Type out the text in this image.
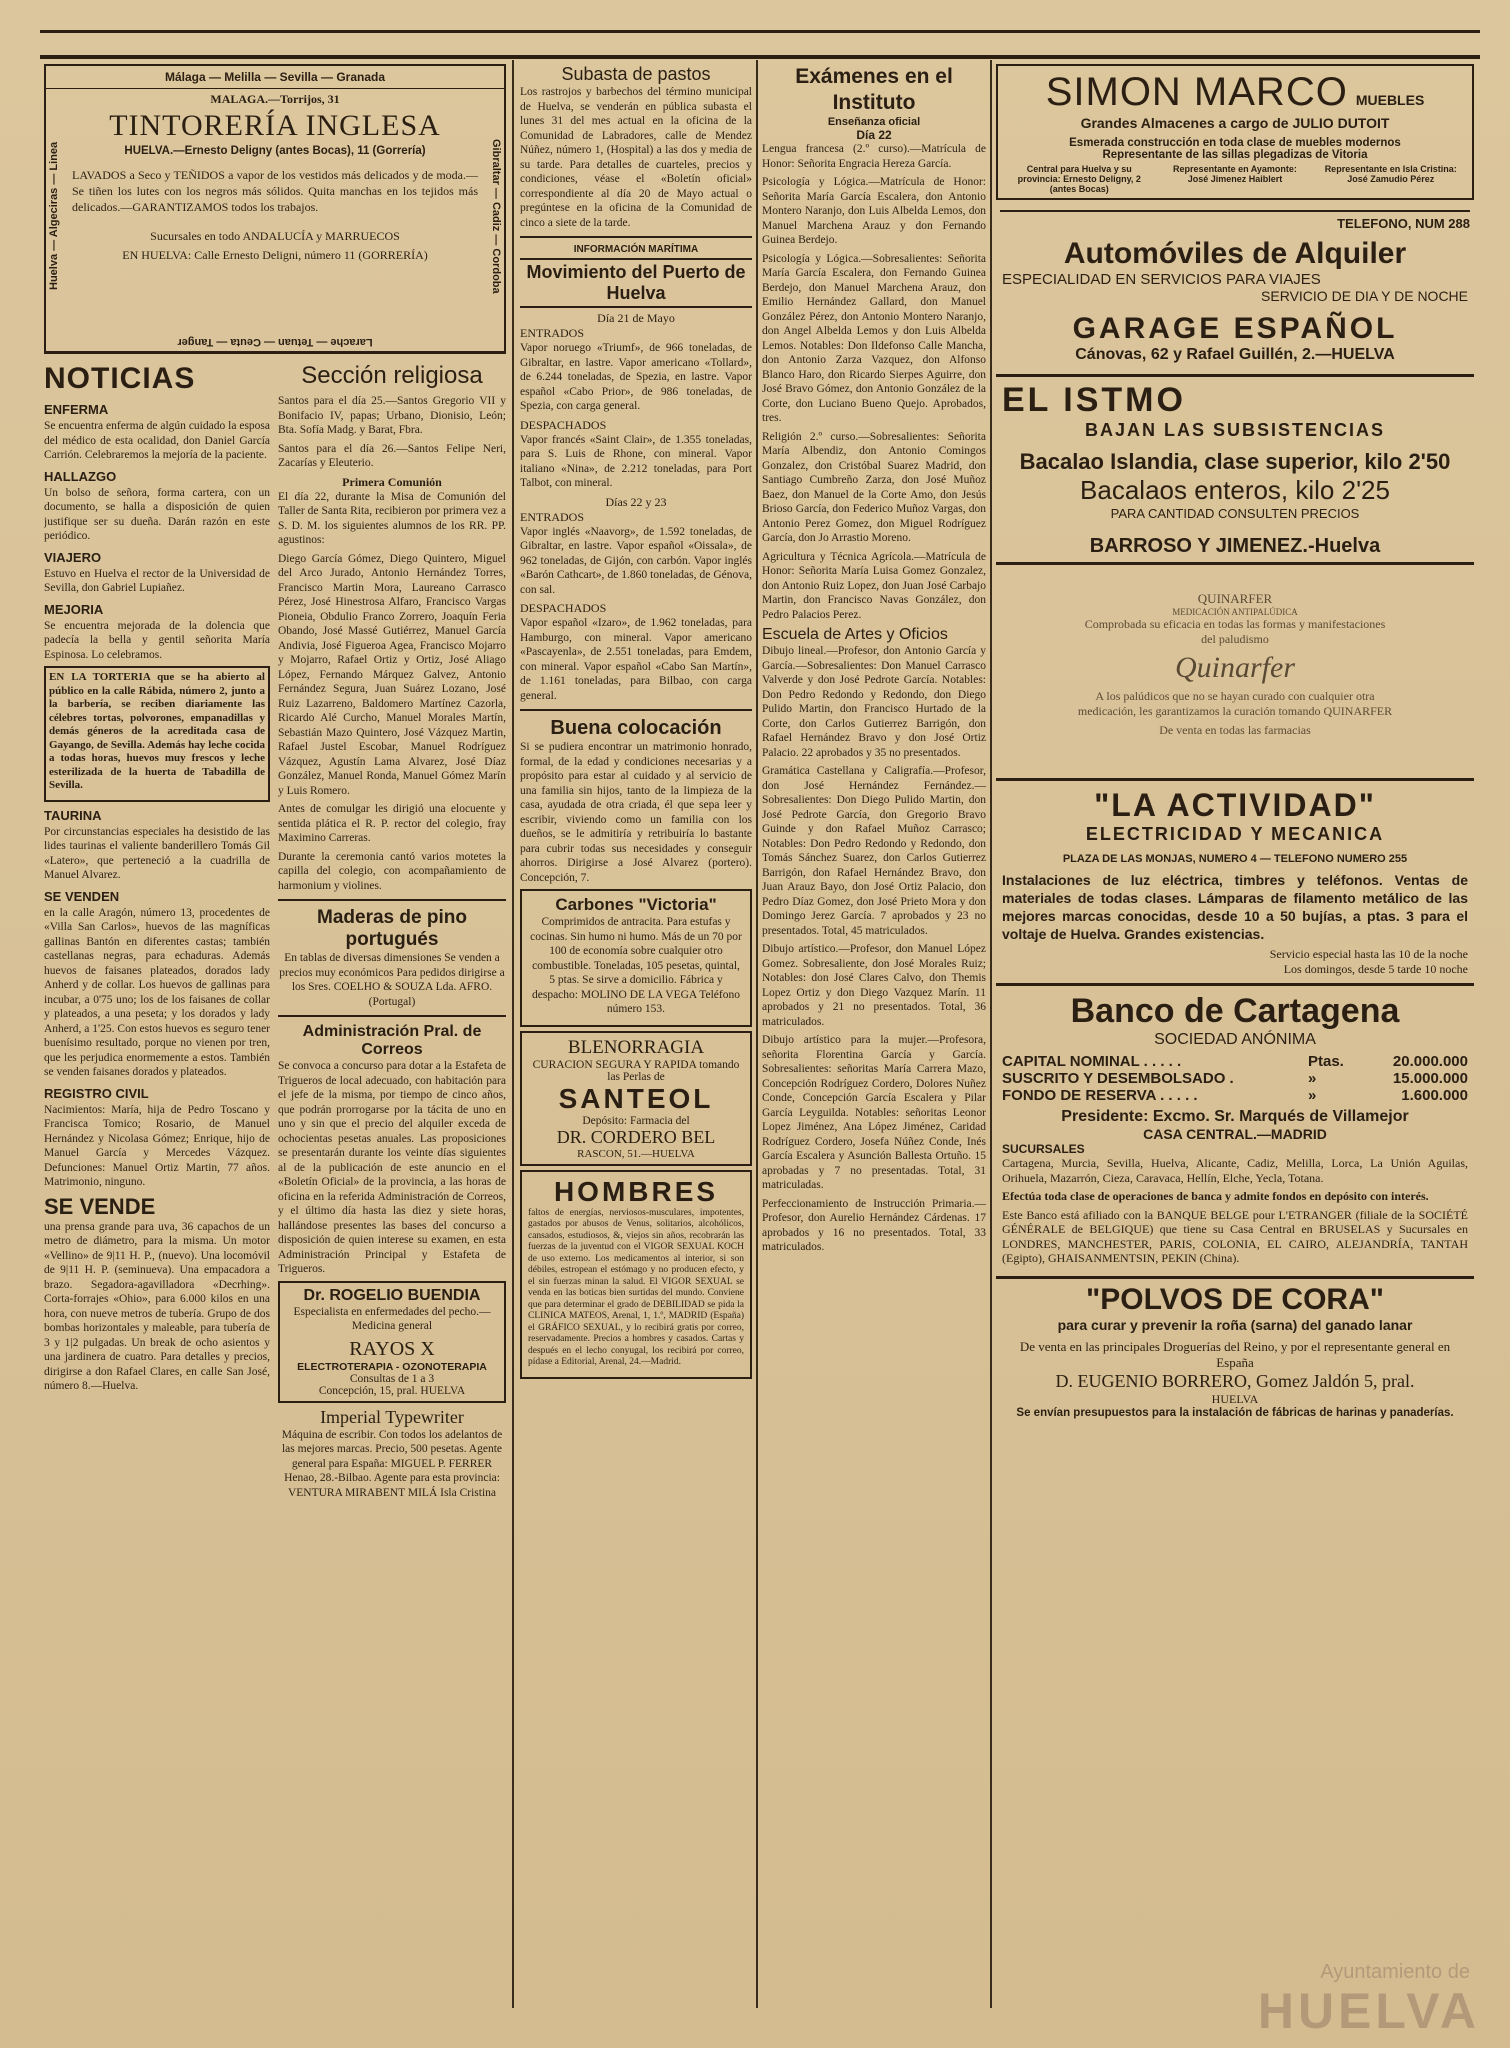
Málaga — Melilla — Sevilla — Granada
Huelva — Algeciras — Linea	Gibraltar — Cadiz — Cordoba
MALAGA.—Torrijos, 31
TINTORERÍA INGLESA
HUELVA.—Ernesto Deligny (antes Bocas), 11 (Gorrería)

LAVADOS a Seco y TEÑIDOS a vapor de los vestidos más delicados y de moda.—Se tiñen los lutes con los negros más sólidos. Quita manchas en los tejidos más delicados.—GARANTIZAMOS todos los trabajos.

Sucursales en todo ANDALUCÍA y MARRUECOS
EN HUELVA: Calle Ernesto Deligni, número 11 (GORRERÍA)
Larache — Tetuan — Ceuta — Tanger
NOTICIAS
ENFERMA

Se encuentra enferma de algún cuidado la esposa del médico de esta ocalidad, don Daniel García Carrión. Celebraremos la mejoría de la paciente.

HALLAZGO

Un bolso de señora, forma cartera, con un documento, se halla a disposición de quien justifique ser su dueña. Darán razón en este periódico.

VIAJERO

Estuvo en Huelva el rector de la Universidad de Sevilla, don Gabriel Lupiañez.

MEJORIA

Se encuentra mejorada de la dolencia que padecía la bella y gentil señorita María Espinosa. Lo celebramos.

EN LA TORTERIA que se ha abierto al público en la calle Rábida, número 2, junto a la barbería, se reciben diariamente las célebres tortas, polvorones, empanadillas y demás géneros de la acreditada casa de Gayango, de Sevilla. Además hay leche cocida a todas horas, huevos muy frescos y leche esterilizada de la huerta de Tabadilla de Sevilla.

TAURINA

Por circunstancias especiales ha desistido de las lides taurinas el valiente banderillero Tomás Gil «Latero», que perteneció a la cuadrilla de Manuel Alvarez.

SE VENDEN

en la calle Aragón, número 13, procedentes de «Villa San Carlos», huevos de las magníficas gallinas Bantón en diferentes castas; también castellanas negras, para echaduras. Además huevos de faisanes plateados, dorados lady Anherd y de collar. Los huevos de gallinas para incubar, a 0'75 uno; los de los faisanes de collar y plateados, a una peseta; y los dorados y lady Anherd, a 1'25. Con estos huevos es seguro tener buenísimo resultado, porque no vienen por tren, que les perjudica enormemente a estos. También se venden faisanes dorados y plateados.

REGISTRO CIVIL

Nacimientos: María, hija de Pedro Toscano y Francisca Tomico; Rosario, de Manuel Hernández y Nicolasa Gómez; Enrique, hijo de Manuel García y Mercedes Vázquez. Defunciones: Manuel Ortiz Martin, 77 años. Matrimonio, ninguno.

SE VENDE

una prensa grande para uva, 36 capachos de un metro de diámetro, para la misma. Un motor «Vellino» de 9|11 H. P., (nuevo). Una locomóvil de 9|11 H. P. (seminueva). Una empacadora a brazo. Segadora-agavilladora «Decrhing». Corta-forrajes «Ohio», para 6.000 kilos en una hora, con nueve metros de tubería. Grupo de dos bombas horizontales y maleable, para tubería de 3 y 1|2 pulgadas. Un break de ocho asientos y una jardinera de cuatro. Para detalles y precios, dirigirse a don Rafael Clares, en calle San José, número 8.—Huelva.

Sección religiosa

Santos para el día 25.—Santos Gregorio VII y Bonifacio IV, papas; Urbano, Dionisio, León; Bta. Sofía Madg. y Barat, Fbra.

Santos para el día 26.—Santos Felipe Neri, Zacarías y Eleuterio.

Primera Comunión

El día 22, durante la Misa de Comunión del Taller de Santa Rita, recibieron por primera vez a S. D. M. los siguientes alumnos de los RR. PP. agustinos:

Diego García Gómez, Diego Quintero, Miguel del Arco Jurado, Antonio Hernández Torres, Francisco Martin Mora, Laureano Carrasco Pérez, José Hinestrosa Alfaro, Francisco Vargas Pioneia, Obdulio Franco Zorrero, Joaquín Feria Obando, José Massé Gutiérrez, Manuel García Andivia, José Figueroa Agea, Francisco Mojarro y Mojarro, Rafael Ortiz y Ortiz, José Aliago López, Fernando Márquez Galvez, Antonio Fernández Segura, Juan Suárez Lozano, José Ruiz Lazarreno, Baldomero Martínez Cazorla, Ricardo Alé Curcho, Manuel Morales Martín, Sebastián Mazo Quintero, José Vázquez Martin, Rafael Justel Escobar, Manuel Rodríguez Vázquez, Agustín Lama Alvarez, José Díaz González, Manuel Ronda, Manuel Gómez Marín y Luis Romero.

Antes de comulgar les dirigió una elocuente y sentida plática el R. P. rector del colegio, fray Maximino Carreras.

Durante la ceremonia cantó varios motetes la capilla del colegio, con acompañamiento de harmonium y violines.

Maderas de pino portugués

En tablas de diversas dimensiones Se venden a precios muy económicos Para pedidos dirigirse a los Sres. COELHO & SOUZA Lda. AFRO. (Portugal)

Administración Pral. de Correos

Se convoca a concurso para dotar a la Estafeta de Trigueros de local adecuado, con habitación para el jefe de la misma, por tiempo de cinco años, que podrán prorrogarse por la tácita de uno en uno y sin que el precio del alquiler exceda de ochocientas pesetas anuales. Las proposiciones se presentarán durante los veinte días siguientes al de la publicación de este anuncio en el «Boletín Oficial» de la provincia, a las horas de oficina en la referida Administración de Correos, y el último día hasta las diez y siete horas, hallándose presentes las bases del concurso a disposición de quien interese su examen, en esta Administración Principal y Estafeta de Trigueros.

Dr. ROGELIO BUENDIA

Especialista en enfermedades del pecho.—Medicina general

RAYOS X
ELECTROTERAPIA - OZONOTERAPIA
Consultas de 1 a 3
Concepción, 15, pral. HUELVA
Imperial Typewriter

Máquina de escribir. Con todos los adelantos de las mejores marcas. Precio, 500 pesetas. Agente general para España: MIGUEL P. FERRER Henao, 28.-Bilbao. Agente para esta provincia: VENTURA MIRABENT MILÁ Isla Cristina

Subasta de pastos

Los rastrojos y barbechos del término municipal de Huelva, se venderán en pública subasta el lunes 31 del mes actual en la oficina de la Comunidad de Labradores, calle de Mendez Núñez, número 1, (Hospital) a las dos y media de su tarde. Para detalles de cuarteles, precios y condiciones, véase el «Boletín oficial» correspondiente al día 20 de Mayo actual o pregúntese en la oficina de la Comunidad de cinco a siete de la tarde.

INFORMACIÓN MARÍTIMA
Movimiento del Puerto de Huelva
Día 21 de Mayo
ENTRADOS

Vapor noruego «Triumf», de 966 toneladas, de Gibraltar, en lastre. Vapor americano «Tollard», de 6.244 toneladas, de Spezia, en lastre. Vapor español «Cabo Prior», de 986 toneladas, de Spezia, con carga general.

DESPACHADOS

Vapor francés «Saint Clair», de 1.355 toneladas, para S. Luis de Rhone, con mineral. Vapor italiano «Nina», de 2.212 toneladas, para Port Talbot, con mineral.

Días 22 y 23
ENTRADOS

Vapor inglés «Naavorg», de 1.592 toneladas, de Gibraltar, en lastre. Vapor español «Oissala», de 962 toneladas, de Gijón, con carbón. Vapor inglés «Barón Cathcart», de 1.860 toneladas, de Génova, con sal.

DESPACHADOS

Vapor español «Izaro», de 1.962 toneladas, para Hamburgo, con mineral. Vapor americano «Pascayenla», de 2.551 toneladas, para Emdem, con mineral. Vapor español «Cabo San Martín», de 1.161 toneladas, para Bilbao, con carga general.

Buena colocación

Si se pudiera encontrar un matrimonio honrado, formal, de la edad y condiciones necesarias y a propósito para estar al cuidado y al servicio de una familia sin hijos, tanto de la limpieza de la casa, ayudada de otra criada, él que sepa leer y escribir, viviendo como un familia con los dueños, se le admitiría y retribuiría lo bastante para cubrir todas sus necesidades y conseguir ahorros. Dirigirse a José Alvarez (portero). Concepción, 7.

Carbones "Victoria"

Comprimidos de antracita. Para estufas y cocinas. Sin humo ni humo. Más de un 70 por 100 de economía sobre cualquier otro combustible. Toneladas, 105 pesetas, quintal, 5 ptas. Se sirve a domicilio. Fábrica y despacho: MOLINO DE LA VEGA Teléfono número 153.

BLENORRAGIA
CURACION SEGURA Y RAPIDA tomando las Perlas de
SANTEOL
Depósito: Farmacia del
DR. CORDERO BEL
RASCON, 51.—HUELVA
HOMBRES

faltos de energías, nerviosos-musculares, impotentes, gastados por abusos de Venus, solitarios, alcohólicos, cansados, estudiosos, &, viejos sin años, recobrarán las fuerzas de la juventud con el VIGOR SEXUAL KOCH de uso externo. Los medicamentos al interior, si son débiles, estropean el estómago y no producen efecto, y el sin fuerzas minan la salud. El VIGOR SEXUAL se venda en las boticas bien surtidas del mundo. Conviene que para determinar el grado de DEBILIDAD se pida la CLINICA MATEOS, Arenal, 1, 1.º, MADRID (España) el GRÁFICO SEXUAL, y lo recibirá gratis por correo, reservadamente. Precios a hombres y casados. Cartas y después en el lecho conyugal, los recibirá por correo, pídase a Editorial, Arenal, 24.—Madrid.

Exámenes en el Instituto
Enseñanza oficial
Día 22

Lengua francesa (2.º curso).—Matrícula de Honor: Señorita Engracia Hereza García.

Psicología y Lógica.—Matrícula de Honor: Señorita María García Escalera, don Antonio Montero Naranjo, don Luis Albelda Lemos, don Manuel Marchena Arauz y don Fernando Guinea Berdejo.

Psicología y Lógica.—Sobresalientes: Señorita María García Escalera, don Fernando Guinea Berdejo, don Manuel Marchena Arauz, don Emilio Hernández Gallard, don Manuel González Pérez, don Antonio Montero Naranjo, don Angel Albelda Lemos y don Luis Albelda Lemos. Notables: Don Ildefonso Calle Mancha, don Antonio Zarza Vazquez, don Alfonso Blanco Haro, don Ricardo Sierpes Aguirre, don José Bravo Gómez, don Antonio González de la Corte, don Luciano Bueno Quejo. Aprobados, tres.

Religión 2.º curso.—Sobresalientes: Señorita María Albendiz, don Antonio Comingos Gonzalez, don Cristóbal Suarez Madrid, don Santiago Cumbreño Zarza, don José Muñoz Baez, don Manuel de la Corte Amo, don Jesús Brioso García, don Federico Muñoz Vargas, don Antonio Perez Gomez, don Miguel Rodríguez García, don Jo Arrastio Moreno.

Agricultura y Técnica Agrícola.—Matrícula de Honor: Señorita María Luisa Gomez Gonzalez, don Antonio Ruiz Lopez, don Juan José Carbajo Martin, don Francisco Navas González, don Pedro Palacios Perez.

Escuela de Artes y Oficios

Dibujo lineal.—Profesor, don Antonio García y García.—Sobresalientes: Don Manuel Carrasco Valverde y don José Pedrote García. Notables: Don Pedro Redondo y Redondo, don Diego Pulido Martin, don Francisco Hurtado de la Corte, don Carlos Gutierrez Barrigón, don Rafael Hernández Bravo y don José Ortiz Palacio. 22 aprobados y 35 no presentados.

Gramática Castellana y Caligrafía.—Profesor, don José Hernández Fernández.—Sobresalientes: Don Diego Pulido Martin, don José Pedrote García, don Gregorio Bravo Guinde y don Rafael Muñoz Carrasco; Notables: Don Pedro Redondo y Redondo, don Tomás Sánchez Suarez, don Carlos Gutierrez Barrigón, don Rafael Hernández Bravo, don Juan Arauz Bayo, don José Ortiz Palacio, don Pedro Díaz Gomez, don José Prieto Mora y don Domingo Jerez García. 7 aprobados y 23 no presentados. Total, 45 matriculados.

Dibujo artístico.—Profesor, don Manuel López Gomez. Sobresaliente, don José Morales Ruiz; Notables: don José Clares Calvo, don Themis Lopez Ortiz y don Diego Vazquez Marín. 11 aprobados y 21 no presentados. Total, 36 matriculados.

Dibujo artístico para la mujer.—Profesora, señorita Florentina García y García. Sobresalientes: señoritas María Carrera Mazo, Concepción Rodríguez Cordero, Dolores Nuñez Conde, Concepción García Escalera y Pilar García Leyguilda. Notables: señoritas Leonor Lopez Jiménez, Ana López Jiménez, Caridad Rodríguez Cordero, Josefa Núñez Conde, Inés García Escalera y Asunción Ballesta Ortuño. 15 aprobadas y 7 no presentadas. Total, 31 matriculadas.

Perfeccionamiento de Instrucción Primaria.—Profesor, don Aurelio Hernández Cárdenas. 17 aprobados y 16 no presentados. Total, 33 matriculados.

SIMON MARCO MUEBLES
Grandes Almacenes a cargo de JULIO DUTOIT
Esmerada construcción en toda clase de muebles modernos
Representante de las sillas plegadizas de Vitoria
Central para Huelva y su provincia: Ernesto Deligny, 2 (antes Bocas)
Representante en Ayamonte: José Jimenez Haiblert
Representante en Isla Cristina: José Zamudio Pérez
TELEFONO, NUM 288
Automóviles de Alquiler
ESPECIALIDAD EN SERVICIOS PARA VIAJES
SERVICIO DE DIA Y DE NOCHE
GARAGE ESPAÑOL
Cánovas, 62 y Rafael Guillén, 2.—HUELVA
EL ISTMO
BAJAN LAS SUBSISTENCIAS
Bacalao Islandia, clase superior, kilo 2'50
Bacalaos enteros, kilo 2'25
PARA CANTIDAD CONSULTEN PRECIOS
BARROSO Y JIMENEZ.-Huelva
QUINARFER
MEDICACIÓN ANTIPALÚDICA
Comprobada su eficacia en todas las formas y manifestaciones del paludismo
Quinarfer
A los palúdicos que no se hayan curado con cualquier otra medicación, les garantizamos la curación tomando QUINARFER
De venta en todas las farmacias
"LA ACTIVIDAD"
ELECTRICIDAD Y MECANICA
PLAZA DE LAS MONJAS, NUMERO 4 — TELEFONO NUMERO 255

Instalaciones de luz eléctrica, timbres y teléfonos. Ventas de materiales de todas clases. Lámparas de filamento metálico de las mejores marcas conocidas, desde 10 a 50 bujías, a ptas. 3 para el voltaje de Huelva. Grandes existencias.

Servicio especial hasta las 10 de la noche
Los domingos, desde 5 tarde 10 noche
Banco de Cartagena
SOCIEDAD ANÓNIMA
CAPITAL NOMINAL . . . . .	Ptas.	20.000.000
SUSCRITO Y DESEMBOLSADO .	»	15.000.000
FONDO DE RESERVA . . . . .	»	1.600.000
Presidente: Excmo. Sr. Marqués de Villamejor
CASA CENTRAL.—MADRID
SUCURSALES

Cartagena, Murcia, Sevilla, Huelva, Alicante, Cadiz, Melilla, Lorca, La Unión Aguilas, Orihuela, Mazarrón, Cieza, Caravaca, Hellín, Elche, Yecla, Totana.

Efectúa toda clase de operaciones de banca y admite fondos en depósito con interés.

Este Banco está afiliado con la BANQUE BELGE pour L'ETRANGER (filiale de la SOCIÉTÉ GÉNÉRALE de BELGIQUE) que tiene su Casa Central en BRUSELAS y Sucursales en LONDRES, MANCHESTER, PARIS, COLONIA, EL CAIRO, ALEJANDRÍA, TANTAH (Egipto), GHAISANMENTSIN, PEKIN (China).

"POLVOS DE CORA"
para curar y prevenir la roña (sarna) del ganado lanar
De venta en las principales Droguerías del Reino, y por el representante general en España
D. EUGENIO BORRERO, Gomez Jaldón 5, pral.
HUELVA
Se envían presupuestos para la instalación de fábricas de harinas y panaderías.
Ayuntamiento de
HUELVA
